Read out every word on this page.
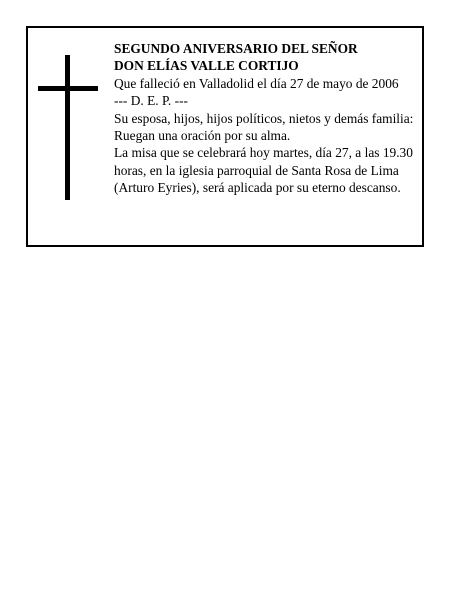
SEGUNDO ANIVERSARIO DEL SEÑOR
DON ELÍAS VALLE CORTIJO
Que falleció en Valladolid el día 27 de mayo de 2006
--- D. E. P. ---
Su esposa, hijos, hijos políticos, nietos y demás familia:
Ruegan una oración por su alma.
La misa que se celebrará hoy martes, día 27, a las 19.30
horas, en la iglesia parroquial de Santa Rosa de Lima
(Arturo Eyries), será aplicada por su eterno descanso.
